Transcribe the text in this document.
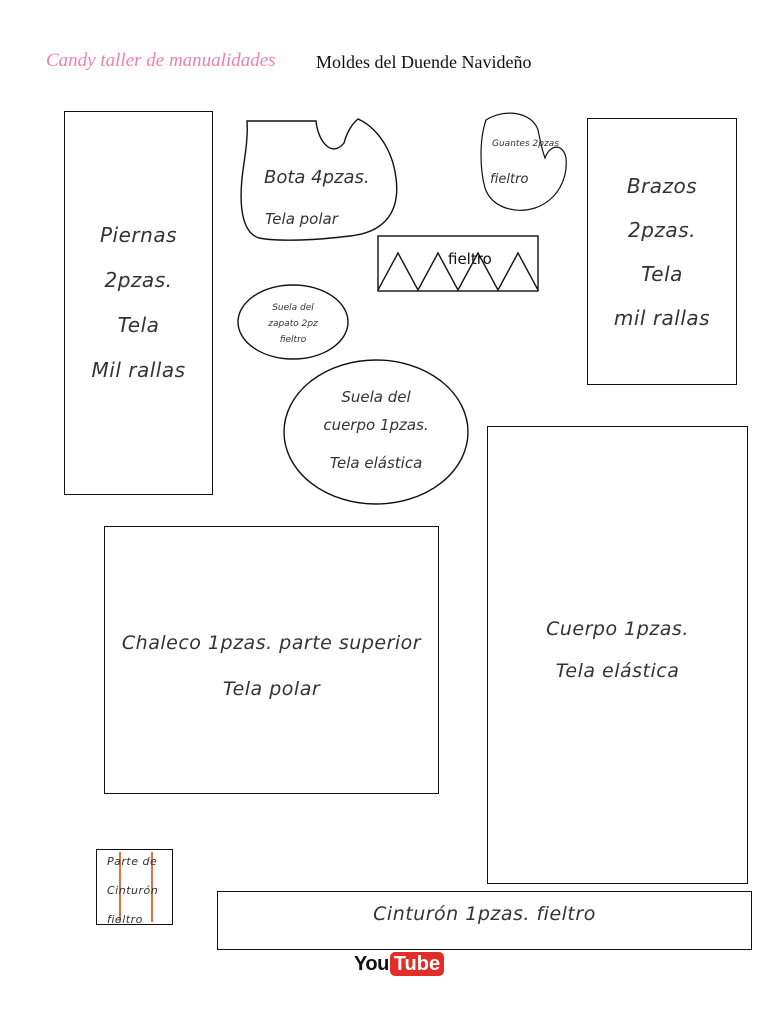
Candy taller de manualidades Moldes del Duende Navideño
Bota 4pzas.
Tela polar
Guantes 2pzas
fieltro
fieltro
Suela del
zapato 2pz
fieltro
Suela del
cuerpo 1pzas.
Tela elástica
Piernas
2pzas.
Tela
Mil rallas
Brazos
2pzas.
Tela
mil rallas
Chaleco 1pzas. parte superior
Tela polar
Cuerpo 1pzas.
Tela elástica
Parte de
Cinturón
fieltro	Cinturón 1pzas. fieltro
You Tube
